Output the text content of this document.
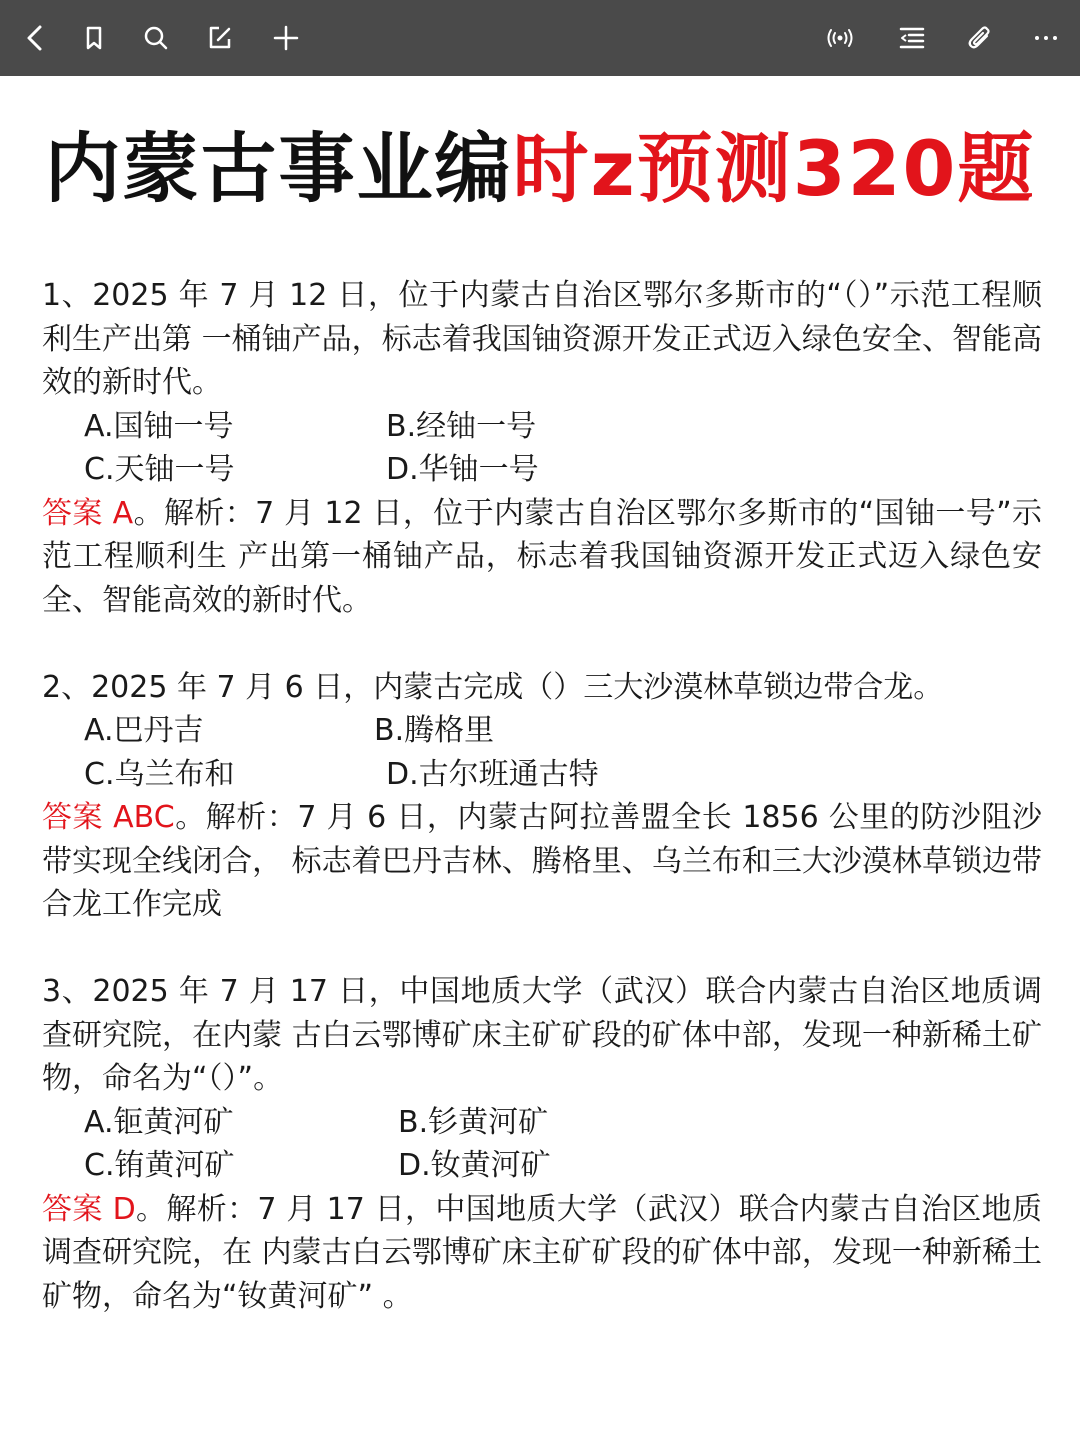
内蒙古事业编时z预测320题

1、2025 年 7 月 12 日，位于内蒙古自治区鄂尔多斯市的“（）”示范工程顺利生产出第 一桶铀产品，标志着我国铀资源开发正式迈入绿色安全、智能高效的新时代。

A.国铀一号	B.经铀一号
C.天铀一号	D.华铀一号

答案 A。解析：7 月 12 日，位于内蒙古自治区鄂尔多斯市的“国铀一号”示范工程顺利生 产出第一桶铀产品，标志着我国铀资源开发正式迈入绿色安全、智能高效的新时代。

2、2025 年 7 月 6 日，内蒙古完成（）三大沙漠林草锁边带合龙。

A.巴丹吉	B.腾格里
C.乌兰布和	D.古尔班通古特

答案 ABC。解析：7 月 6 日，内蒙古阿拉善盟全长 1856 公里的防沙阻沙带实现全线闭合， 标志着巴丹吉林、腾格里、乌兰布和三大沙漠林草锁边带合龙工作完成

3、2025 年 7 月 17 日，中国地质大学（武汉）联合内蒙古自治区地质调查研究院，在内蒙 古白云鄂博矿床主矿矿段的矿体中部，发现一种新稀土矿物，命名为“（）”。

A.钷黄河矿	B.钐黄河矿
C.铕黄河矿	D.钕黄河矿

答案 D。解析：7 月 17 日，中国地质大学（武汉）联合内蒙古自治区地质调查研究院，在 内蒙古白云鄂博矿床主矿矿段的矿体中部，发现一种新稀土矿物，命名为“钕黄河矿” 。
